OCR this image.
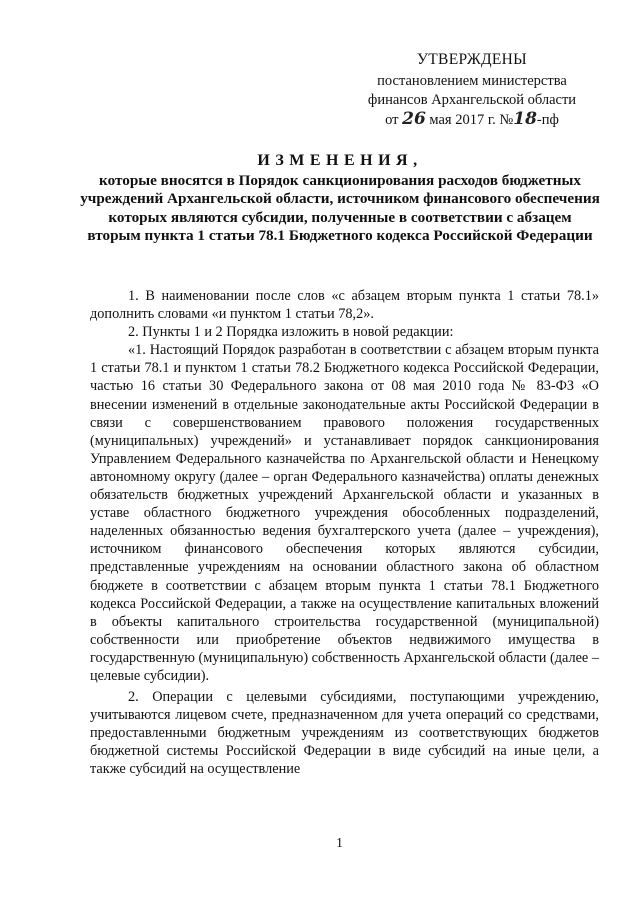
УТВЕРЖДЕНЫ
постановлением министерства
финансов Архангельской области
от 26 мая 2017 г. №18-пф
ИЗМЕНЕНИЯ,
которые вносятся в Порядок санкционирования расходов бюджетных учреждений Архангельской области, источником финансового обеспечения которых являются субсидии, полученные в соответствии с абзацем вторым пункта 1 статьи 78.1 Бюджетного кодекса Российской Федерации

1. В наименовании после слов «с абзацем вторым пункта 1 статьи 78.1» дополнить словами «и пунктом 1 статьи 78,2».

2. Пункты 1 и 2 Порядка изложить в новой редакции:

«1. Настоящий Порядок разработан в соответствии с абзацем вторым пункта 1 статьи 78.1 и пунктом 1 статьи 78.2 Бюджетного кодекса Российской Федерации, частью 16 статьи 30 Федерального закона от 08 мая 2010 года № 83-ФЗ «О внесении изменений в отдельные законодательные акты Российской Федерации в связи с совершенствованием правового положения государственных (муниципальных) учреждений» и устанавливает порядок санкционирования Управлением Федерального казначейства по Архангельской области и Ненецкому автономному округу (далее – орган Федерального казначейства) оплаты денежных обязательств бюджетных учреждений Архангельской области и указанных в уставе областного бюджетного учреждения обособленных подразделений, наделенных обязанностью ведения бухгалтерского учета (далее – учреждения), источником финансового обеспечения которых являются субсидии, представленные учреждениям на основании областного закона об областном бюджете в соответствии с абзацем вторым пункта 1 статьи 78.1 Бюджетного кодекса Российской Федерации, а также на осуществление капитальных вложений в объекты капитального строительства государственной (муниципальной) собственности или приобретение объектов недвижимого имущества в государственную (муниципальную) собственность Архангельской области (далее – целевые субсидии).

2. Операции с целевыми субсидиями, поступающими учреждению, учитываются лицевом счете, предназначенном для учета операций со средствами, предоставленными бюджетным учреждениям из соответствующих бюджетов бюджетной системы Российской Федерации в виде субсидий на иные цели, а также субсидий на осуществление

1
